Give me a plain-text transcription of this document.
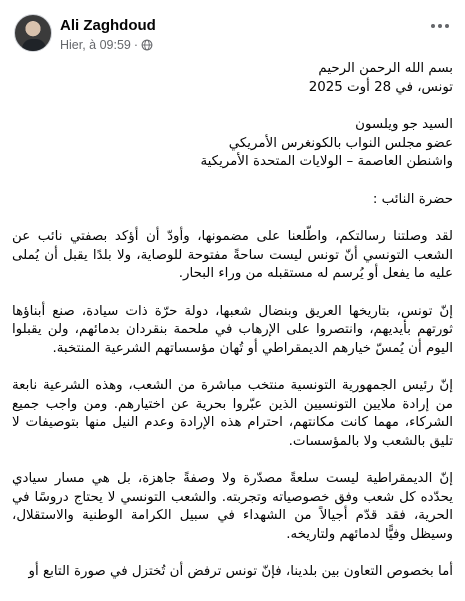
Ali Zaghdoud
Hier, à 09:59 ·

بسم الله الرحمن الرحيم
تونس، في 28 أوت 2025

السيد جو ويلسون
عضو مجلس النواب بالكونغرس الأمريكي
واشنطن العاصمة – الولايات المتحدة الأمريكية

حضرة النائب :

لقد وصلتنا رسالتكم، واطّلعنا على مضمونها، وأودّ أن أؤكد بصفتي نائب عن الشعب التونسي أنّ تونس ليست ساحةً مفتوحة للوصاية، ولا بلدًا يقبل أن يُملى عليه ما يفعل أو يُرسم له مستقبله من وراء البحار.

إنّ تونس، بتاريخها العريق وبنضال شعبها، دولة حرّة ذات سيادة، صنع أبناؤها ثورتهم بأيديهم، وانتصروا على الإرهاب في ملحمة بنقردان بدمائهم، ولن يقبلوا اليوم أن يُمسّ خيارهم الديمقراطي أو تُهان مؤسساتهم الشرعية المنتخبة.

إنّ رئيس الجمهورية التونسية منتخب مباشرة من الشعب، وهذه الشرعية نابعة من إرادة ملايين التونسيين الذين عبّروا بحرية عن اختيارهم. ومن واجب جميع الشركاء، مهما كانت مكانتهم، احترام هذه الإرادة وعدم النيل منها بتوصيفات لا تليق بالشعب ولا بالمؤسسات.

إنّ الديمقراطية ليست سلعةً مصدّرة ولا وصفةً جاهزة، بل هي مسار سيادي يحدّده كل شعب وفق خصوصياته وتجربته. والشعب التونسي لا يحتاج دروسًا في الحرية، فقد قدّم أجيالاً من الشهداء في سبيل الكرامة الوطنية والاستقلال، وسيظل وفيًّا لدمائهم ولتاريخه.

أما بخصوص التعاون بين بلدينا، فإنّ تونس ترفض أن تُختزل في صورة التابع أو
